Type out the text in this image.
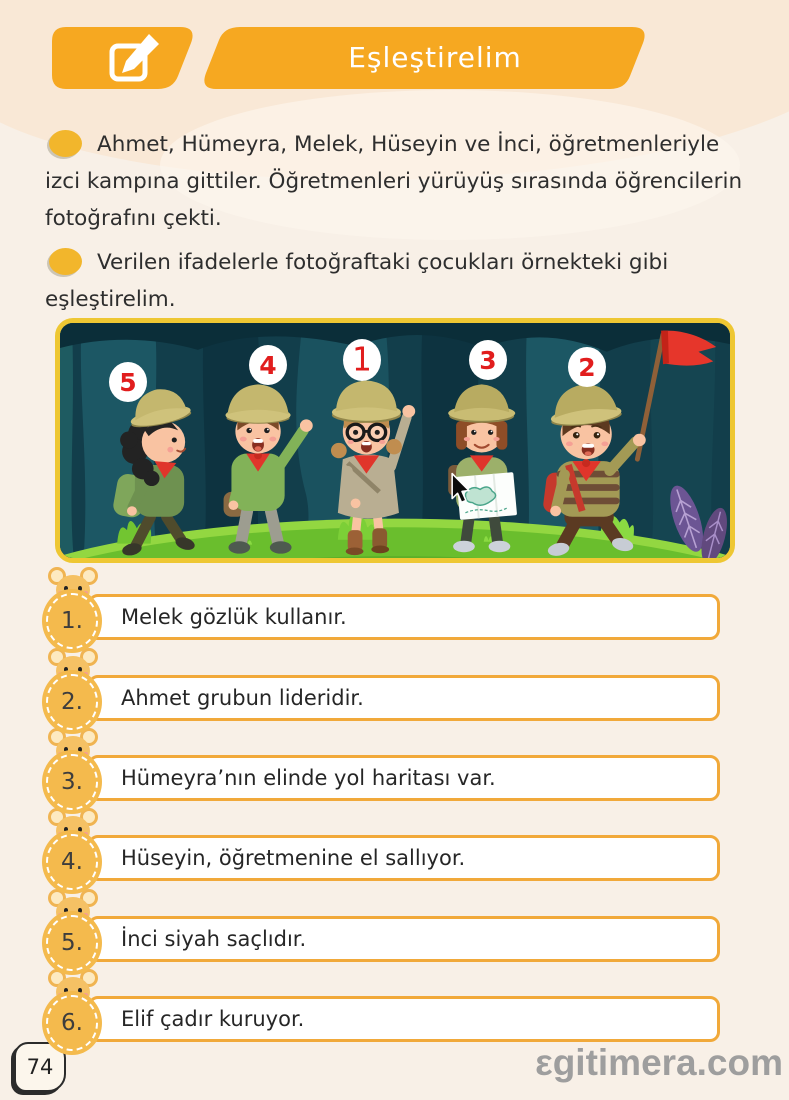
Eşleştirelim

Ahmet, Hümeyra, Melek, Hüseyin ve İnci, öğretmenleriyle izci kampına gittiler. Öğretmenleri yürüyüş sırasında öğrencilerin fotoğrafını çekti.

Verilen ifadelerle fotoğraftaki çocukları örnekteki gibi eşleştirelim.

5
4	1	3	2
1.	Melek gözlük kullanır.
2.	Ahmet grubun lideridir.
3.	Hümeyra’nın elinde yol haritası var.
4.	Hüseyin, öğretmenine el sallıyor.
5.	İnci siyah saçlıdır.
6.	Elif çadır kuruyor.
74	εgitimera.com
